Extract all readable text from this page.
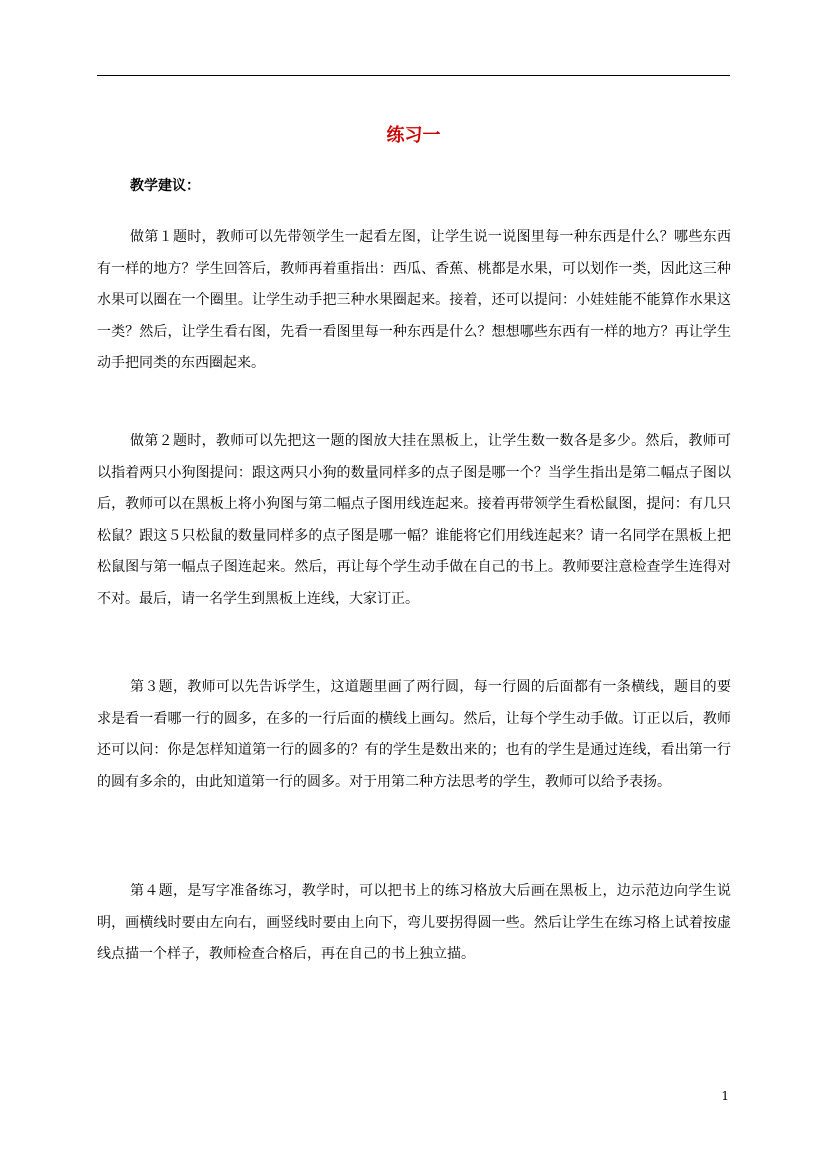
练习一
教学建议：

做第１题时，教师可以先带领学生一起看左图，让学生说一说图里每一种东西是什么？哪些东西有一样的地方？学生回答后，教师再着重指出：西瓜、香蕉、桃都是水果，可以划作一类，因此这三种水果可以圈在一个圈里。让学生动手把三种水果圈起来。接着，还可以提问：小娃娃能不能算作水果这一类？然后，让学生看右图，先看一看图里每一种东西是什么？想想哪些东西有一样的地方？再让学生动手把同类的东西圈起来。

做第２题时，教师可以先把这一题的图放大挂在黑板上，让学生数一数各是多少。然后，教师可以指着两只小狗图提问：跟这两只小狗的数量同样多的点子图是哪一个？当学生指出是第二幅点子图以后，教师可以在黑板上将小狗图与第二幅点子图用线连起来。接着再带领学生看松鼠图，提问：有几只松鼠？跟这５只松鼠的数量同样多的点子图是哪一幅？谁能将它们用线连起来？请一名同学在黑板上把松鼠图与第一幅点子图连起来。然后，再让每个学生动手做在自己的书上。教师要注意检查学生连得对不对。最后，请一名学生到黑板上连线，大家订正。

第３题，教师可以先告诉学生，这道题里画了两行圆，每一行圆的后面都有一条横线，题目的要求是看一看哪一行的圆多，在多的一行后面的横线上画勾。然后，让每个学生动手做。订正以后，教师还可以问：你是怎样知道第一行的圆多的？有的学生是数出来的；也有的学生是通过连线，看出第一行的圆有多余的，由此知道第一行的圆多。对于用第二种方法思考的学生，教师可以给予表扬。

第４题，是写字准备练习，教学时，可以把书上的练习格放大后画在黑板上，边示范边向学生说明，画横线时要由左向右，画竖线时要由上向下，弯儿要拐得圆一些。然后让学生在练习格上试着按虚线点描一个样子，教师检查合格后，再在自己的书上独立描。

1
